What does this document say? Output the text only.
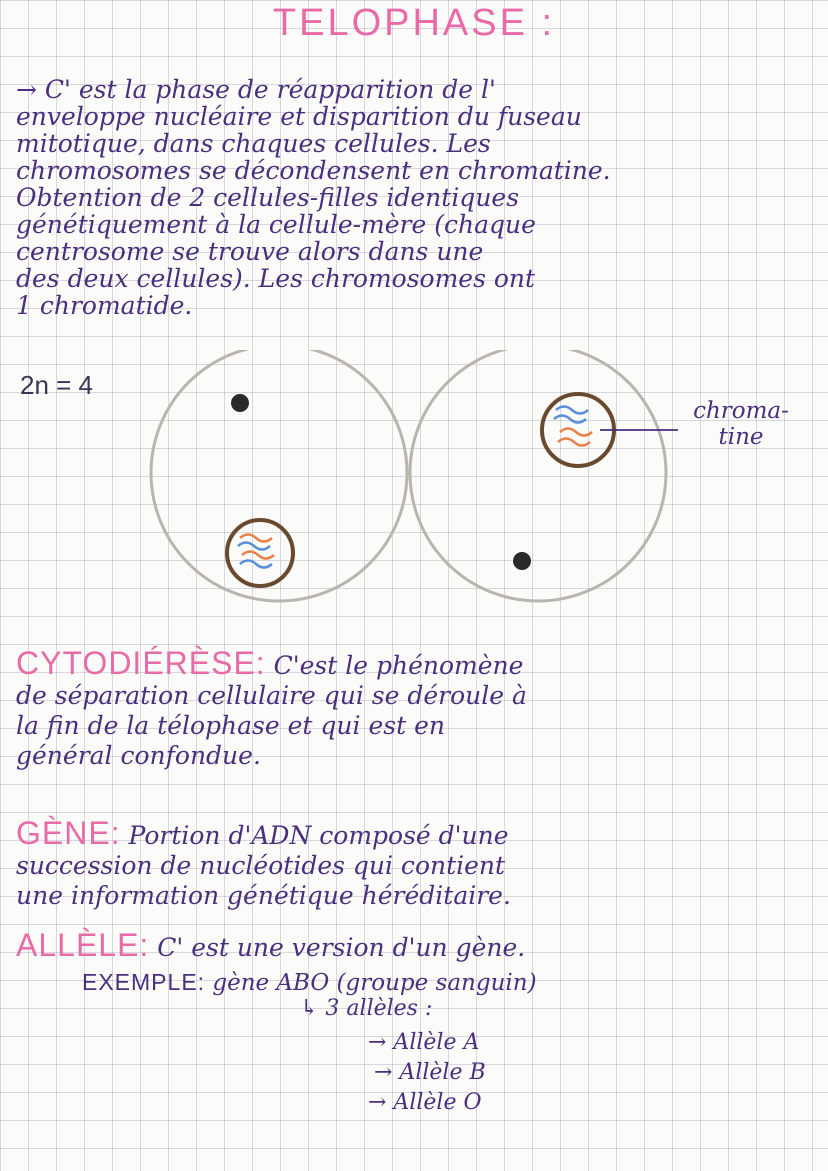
TELOPHASE :
→ C' est la phase de réapparition de l'
enveloppe nucléaire et disparition du fuseau
mitotique, dans chaques cellules. Les
chromosomes se décondensent en chromatine.
Obtention de 2 cellules-filles identiques
génétiquement à la cellule-mère (chaque
centrosome se trouve alors dans une
des deux cellules). Les chromosomes ont
1 chromatide.
2n = 4
chroma-
tine
CYTODIÉRÈSE: C'est le phénomène
de séparation cellulaire qui se déroule à
la fin de la télophase et qui est en
général confondue.
GÈNE: Portion d'ADN composé d'une
succession de nucléotides qui contient
une information génétique héréditaire.
ALLÈLE: C' est une version d'un gène.
EXEMPLE: gène ABO (groupe sanguin)
↳ 3 allèles :
→ Allèle A
→ Allèle B
→ Allèle O
